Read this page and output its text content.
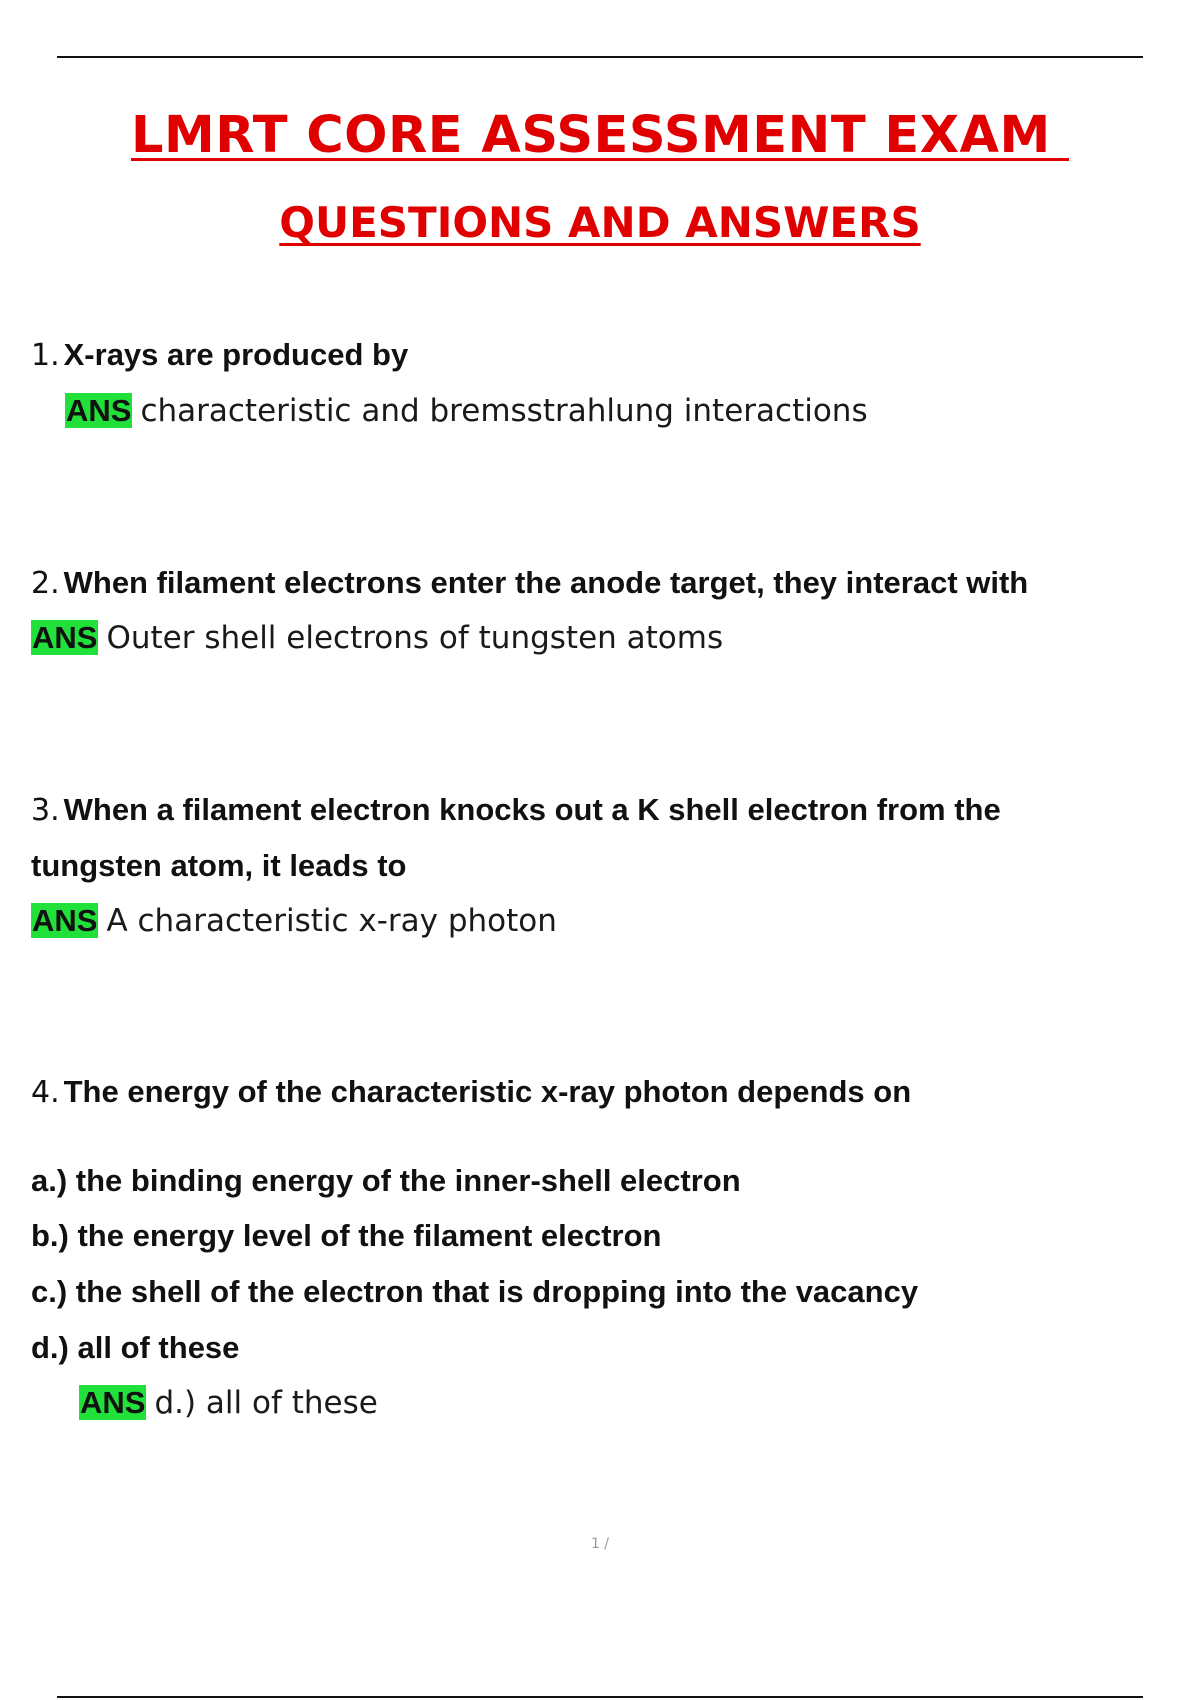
LMRT CORE ASSESSMENT EXAM
QUESTIONS AND ANSWERS
1. X-rays are produced by
ANS characteristic and bremsstrahlung interactions
2. When filament electrons enter the anode target, they interact with
ANS Outer shell electrons of tungsten atoms
3. When a filament electron knocks out a K shell electron from the
tungsten atom, it leads to
ANS A characteristic x-ray photon
4. The energy of the characteristic x-ray photon depends on
a.) the binding energy of the inner-shell electron
b.) the energy level of the filament electron
c.) the shell of the electron that is dropping into the vacancy
d.) all of these
ANS d.) all of these
1 /
